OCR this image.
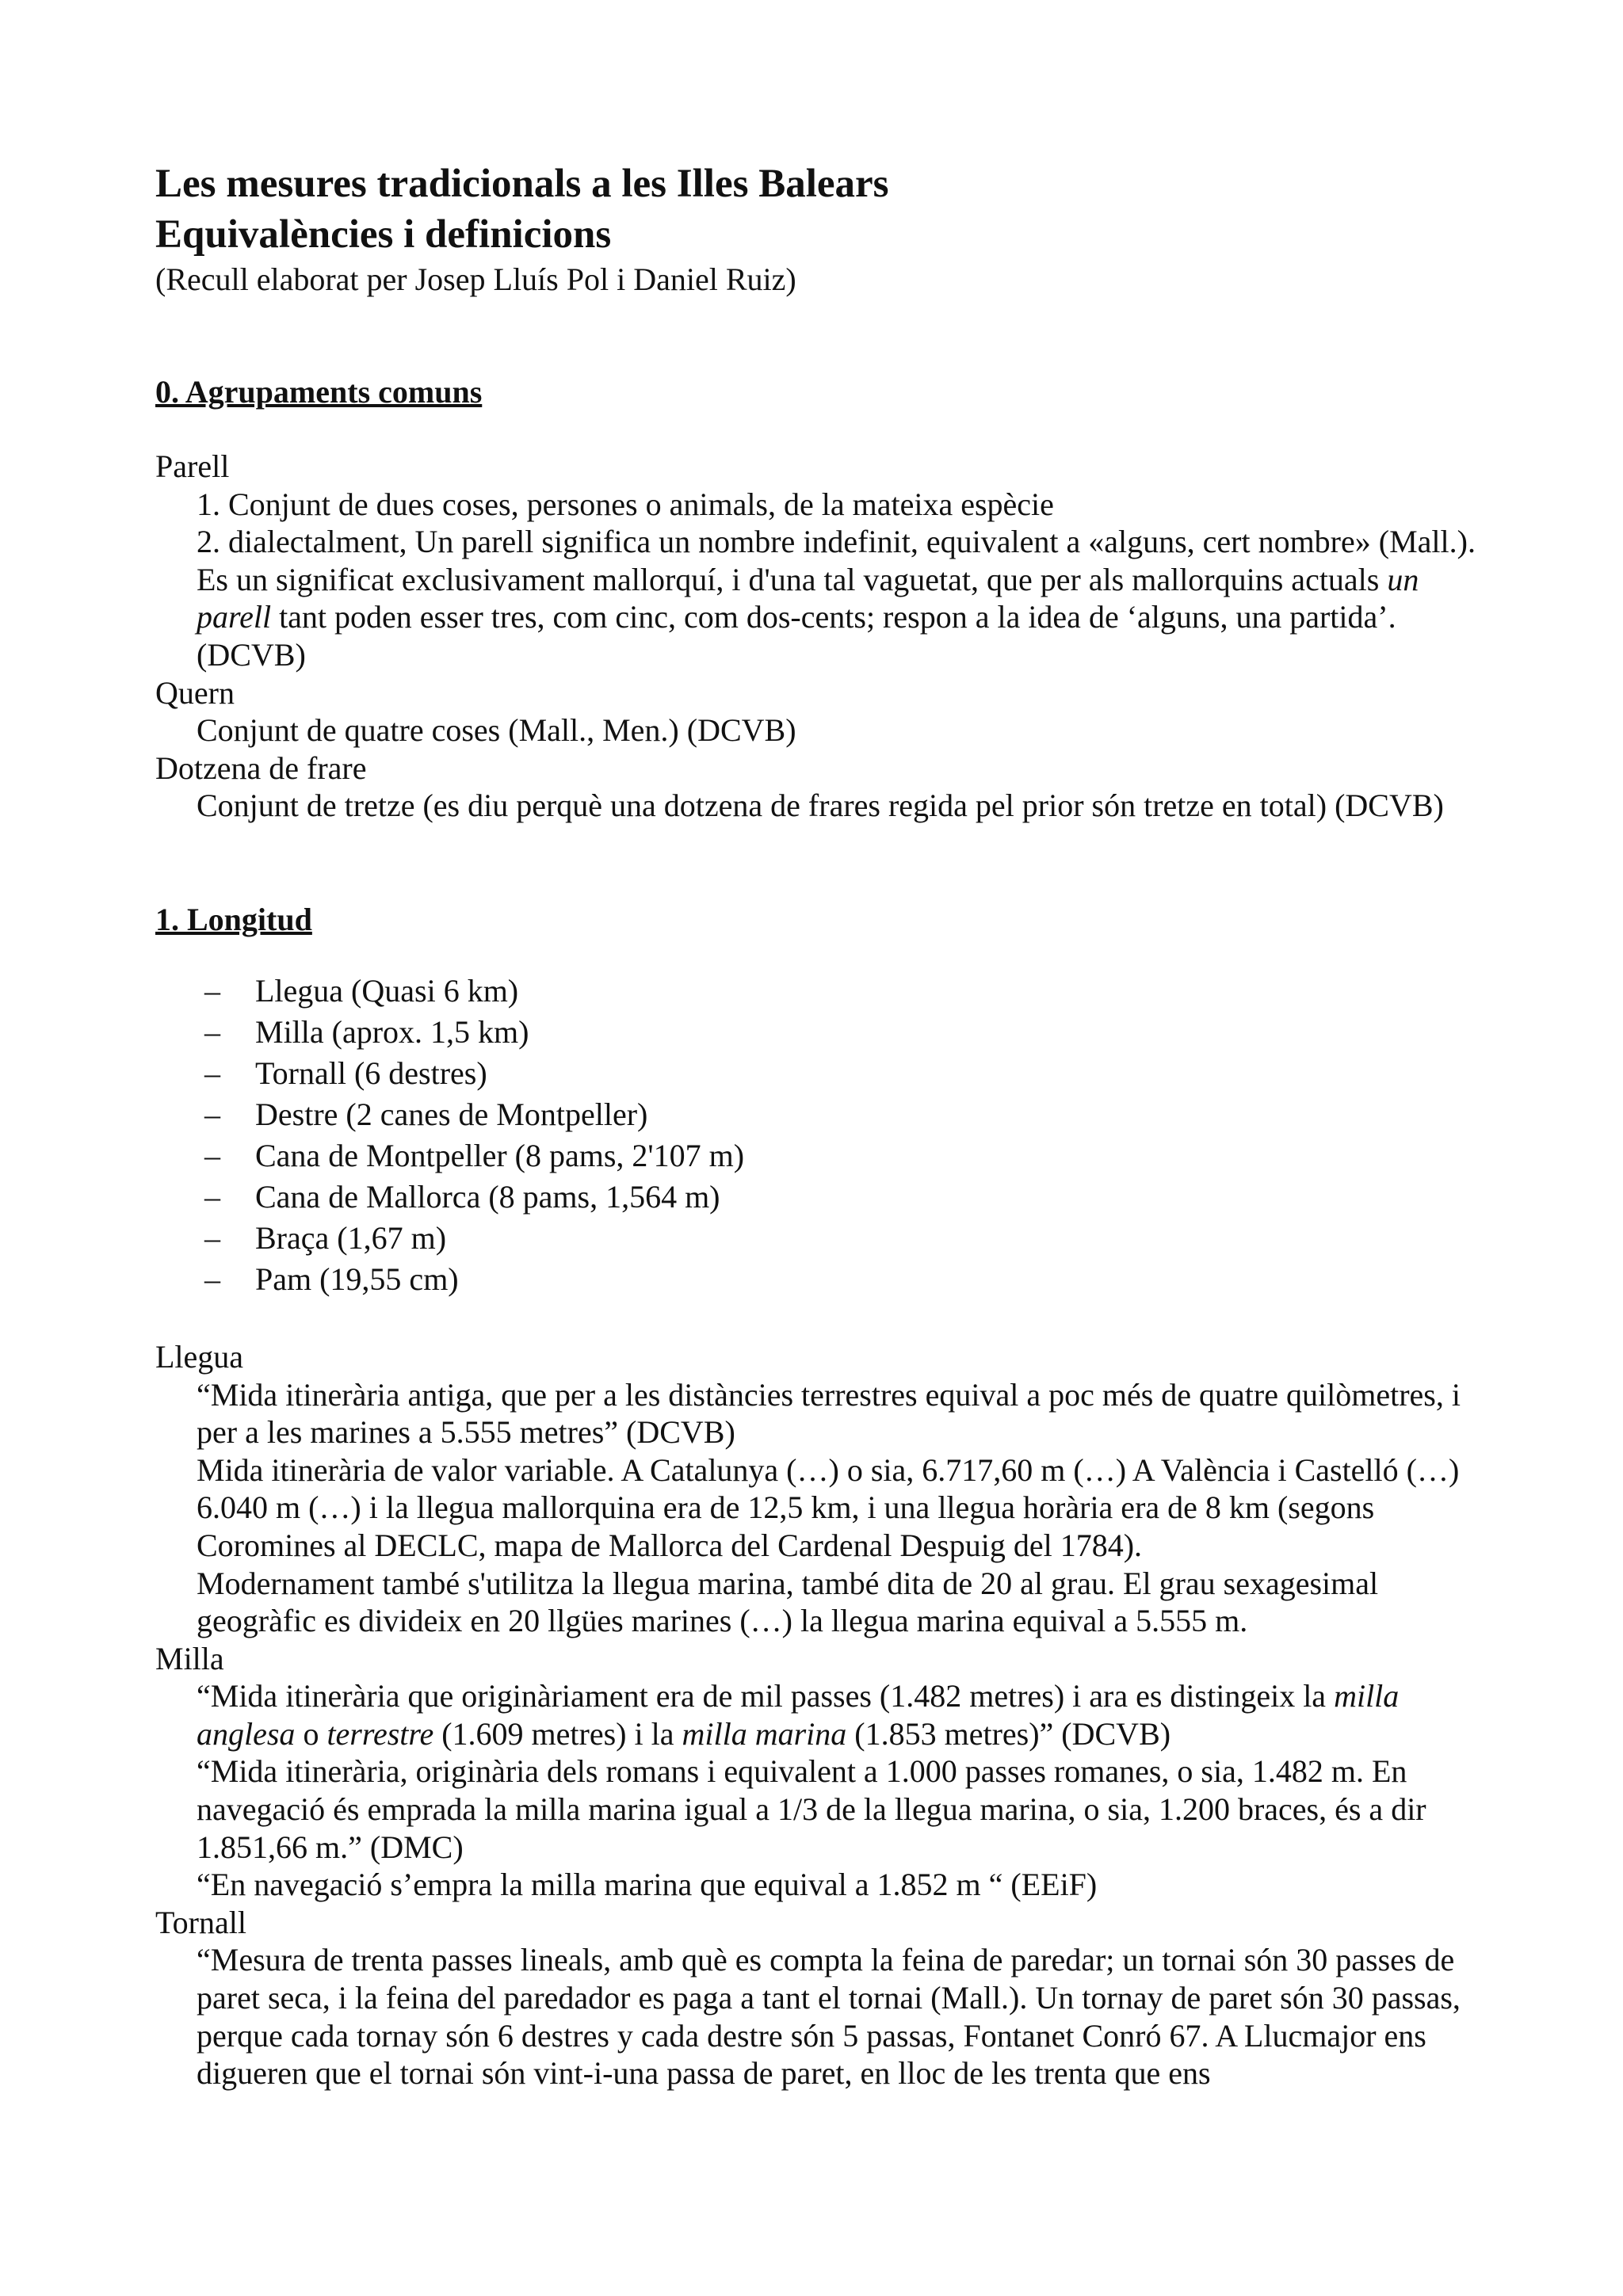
Les mesures tradicionals a les Illes Balears
Equivalències i definicions

(Recull elaborat per Josep Lluís Pol i Daniel Ruiz)

0. Agrupaments comuns

Parell

1. Conjunt de dues coses, persones o animals, de la mateixa espècie

2. dialectalment, Un parell significa un nombre indefinit, equivalent a «alguns, cert nombre» (Mall.). Es un significat exclusivament mallorquí, i d'una tal vaguetat, que per als mallorquins actuals un parell tant poden esser tres, com cinc, com dos-cents; respon a la idea de ‘alguns, una partida’. (DCVB)

Quern

Conjunt de quatre coses (Mall., Men.) (DCVB)

Dotzena de frare

Conjunt de tretze (es diu perquè una dotzena de frares regida pel prior són tretze en total) (DCVB)

1. Longitud
– Llegua (Quasi 6 km)
– Milla (aprox. 1,5 km)
– Tornall (6 destres)
– Destre (2 canes de Montpeller)
– Cana de Montpeller (8 pams, 2'107 m)
– Cana de Mallorca (8 pams, 1,564 m)
– Braça (1,67 m)
– Pam (19,55 cm)

Llegua

“Mida itinerària antiga, que per a les distàncies terrestres equival a poc més de quatre quilòmetres, i per a les marines a 5.555 metres” (DCVB)

Mida itinerària de valor variable. A Catalunya (…) o sia, 6.717,60 m (…) A València i Castelló (…) 6.040 m (…) i la llegua mallorquina era de 12,5 km, i una llegua horària era de 8 km (segons Coromines al DECLC, mapa de Mallorca del Cardenal Despuig del 1784).

Modernament també s'utilitza la llegua marina, també dita de 20 al grau. El grau sexagesimal geogràfic es divideix en 20 llgües marines (…) la llegua marina equival a 5.555 m.

Milla

“Mida itinerària que originàriament era de mil passes (1.482 metres) i ara es distingeix la milla anglesa o terrestre (1.609 metres) i la milla marina (1.853 metres)” (DCVB)

“Mida itinerària, originària dels romans i equivalent a 1.000 passes romanes, o sia, 1.482 m. En navegació és emprada la milla marina igual a 1/3 de la llegua marina, o sia, 1.200 braces, és a dir 1.851,66 m.” (DMC)

“En navegació s’empra la milla marina que equival a 1.852 m “ (EEiF)

Tornall

“Mesura de trenta passes lineals, amb què es compta la feina de paredar; un tornai són 30 passes de paret seca, i la feina del paredador es paga a tant el tornai (Mall.). Un tornay de paret són 30 passas, perque cada tornay són 6 destres y cada destre són 5 passas, Fontanet Conró 67. A Llucmajor ens digueren que el tornai són vint-i-una passa de paret, en lloc de les trenta que ens
